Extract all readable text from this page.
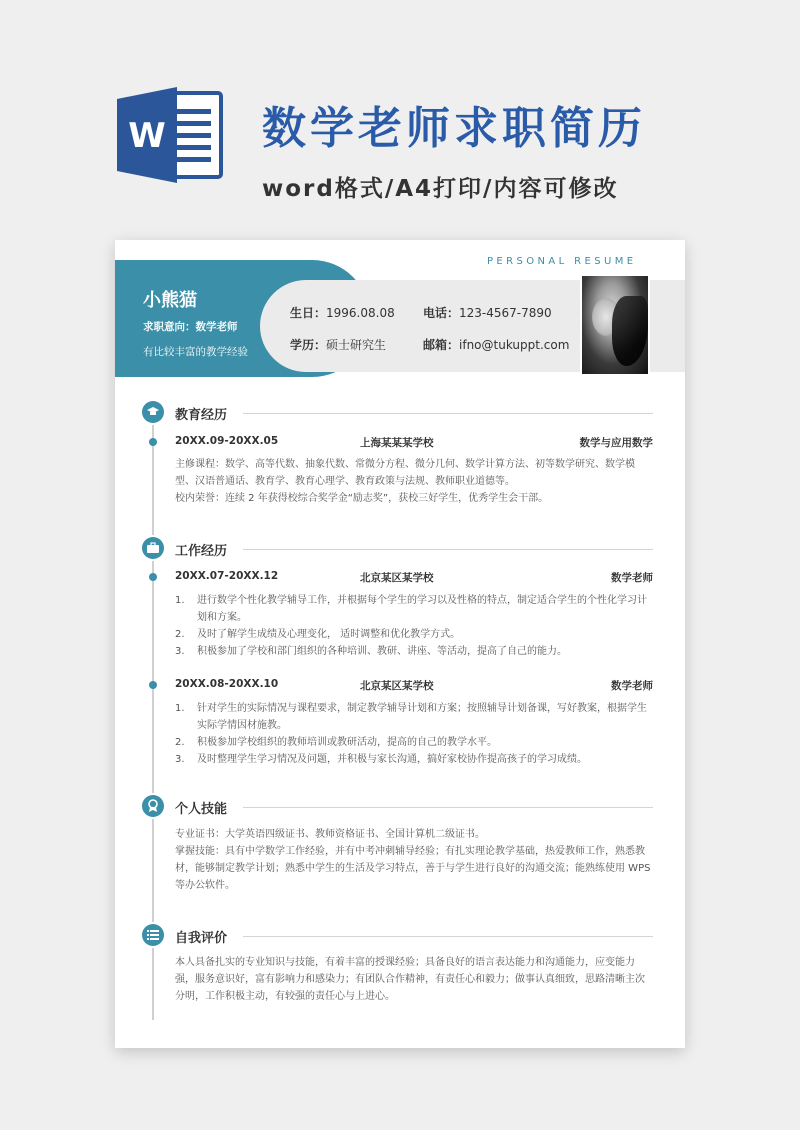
W 数学老师求职简历
word格式/A4打印/内容可修改
PERSONAL RESUME
小熊猫
求职意向：数学老师
有比较丰富的教学经验
生日：1996.08.08 电话：123-4567-7890
学历：硕士研究生	邮箱：ifno@tukuppt.com
教育经历
20XX.09-20XX.05	上海某某某学校	数学与应用数学
主修课程：数学、高等代数、抽象代数、常微分方程、微分几何、数学计算方法、初等数学研究、数学模型、汉语普通话、教育学、教育心理学、教育政策与法规、教师职业道德等。
校内荣誉：连续 2 年获得校综合奖学金“励志奖”，获校三好学生，优秀学生会干部。
工作经历
20XX.07-20XX.12	北京某区某学校	数学老师
1. 进行数学个性化教学辅导工作，并根据每个学生的学习以及性格的特点，制定适合学生的个性化学习计划和方案。
2. 及时了解学生成绩及心理变化， 适时调整和优化教学方式。
3. 积极参加了学校和部门组织的各种培训、教研、讲座、等活动，提高了自己的能力。
20XX.08-20XX.10	北京某区某学校	数学老师
1. 针对学生的实际情况与课程要求，制定教学辅导计划和方案；按照辅导计划备课，写好教案，根据学生实际学情因材施教。
2. 积极参加学校组织的教师培训或教研活动，提高的自己的教学水平。
3. 及时整理学生学习情况及问题，并积极与家长沟通，搞好家校协作提高孩子的学习成绩。
个人技能
专业证书：大学英语四级证书、教师资格证书、全国计算机二级证书。
掌握技能：具有中学数学工作经验，并有中考冲刺辅导经验；有扎实理论教学基础，热爱教师工作，熟悉教材，能够制定教学计划；熟悉中学生的生活及学习特点，善于与学生进行良好的沟通交流；能熟练使用 WPS 等办公软件。
自我评价
本人具备扎实的专业知识与技能，有着丰富的授课经验；具备良好的语言表达能力和沟通能力，应变能力强，服务意识好，富有影响力和感染力；有团队合作精神，有责任心和毅力；做事认真细致，思路清晰主次分明，工作积极主动，有较强的责任心与上进心。
